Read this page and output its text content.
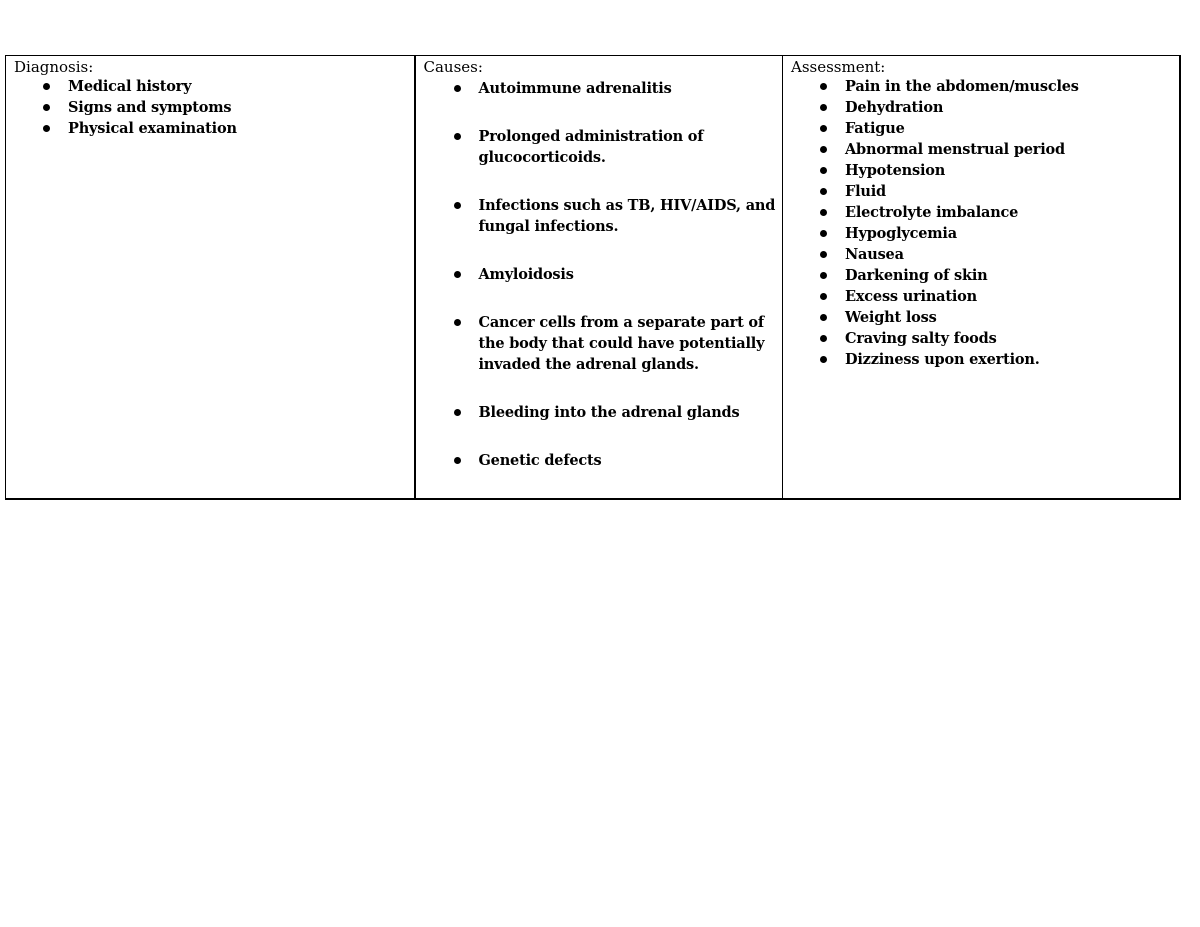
Diagnosis:
Medical history
Signs and symptoms
Physical examination

Causes:
Autoimmune adrenalitis
Prolonged administration of glucocorticoids.
Infections such as TB, HIV/AIDS, and fungal infections.
Amyloidosis
Cancer cells from a separate part of the body that could have potentially invaded the adrenal glands.
Bleeding into the adrenal glands
Genetic defects

Assessment:
Pain in the abdomen/muscles
Dehydration
Fatigue
Abnormal menstrual period
Hypotension
Fluid
Electrolyte imbalance
Hypoglycemia
Nausea
Darkening of skin
Excess urination
Weight loss
Craving salty foods
Dizziness upon exertion.
